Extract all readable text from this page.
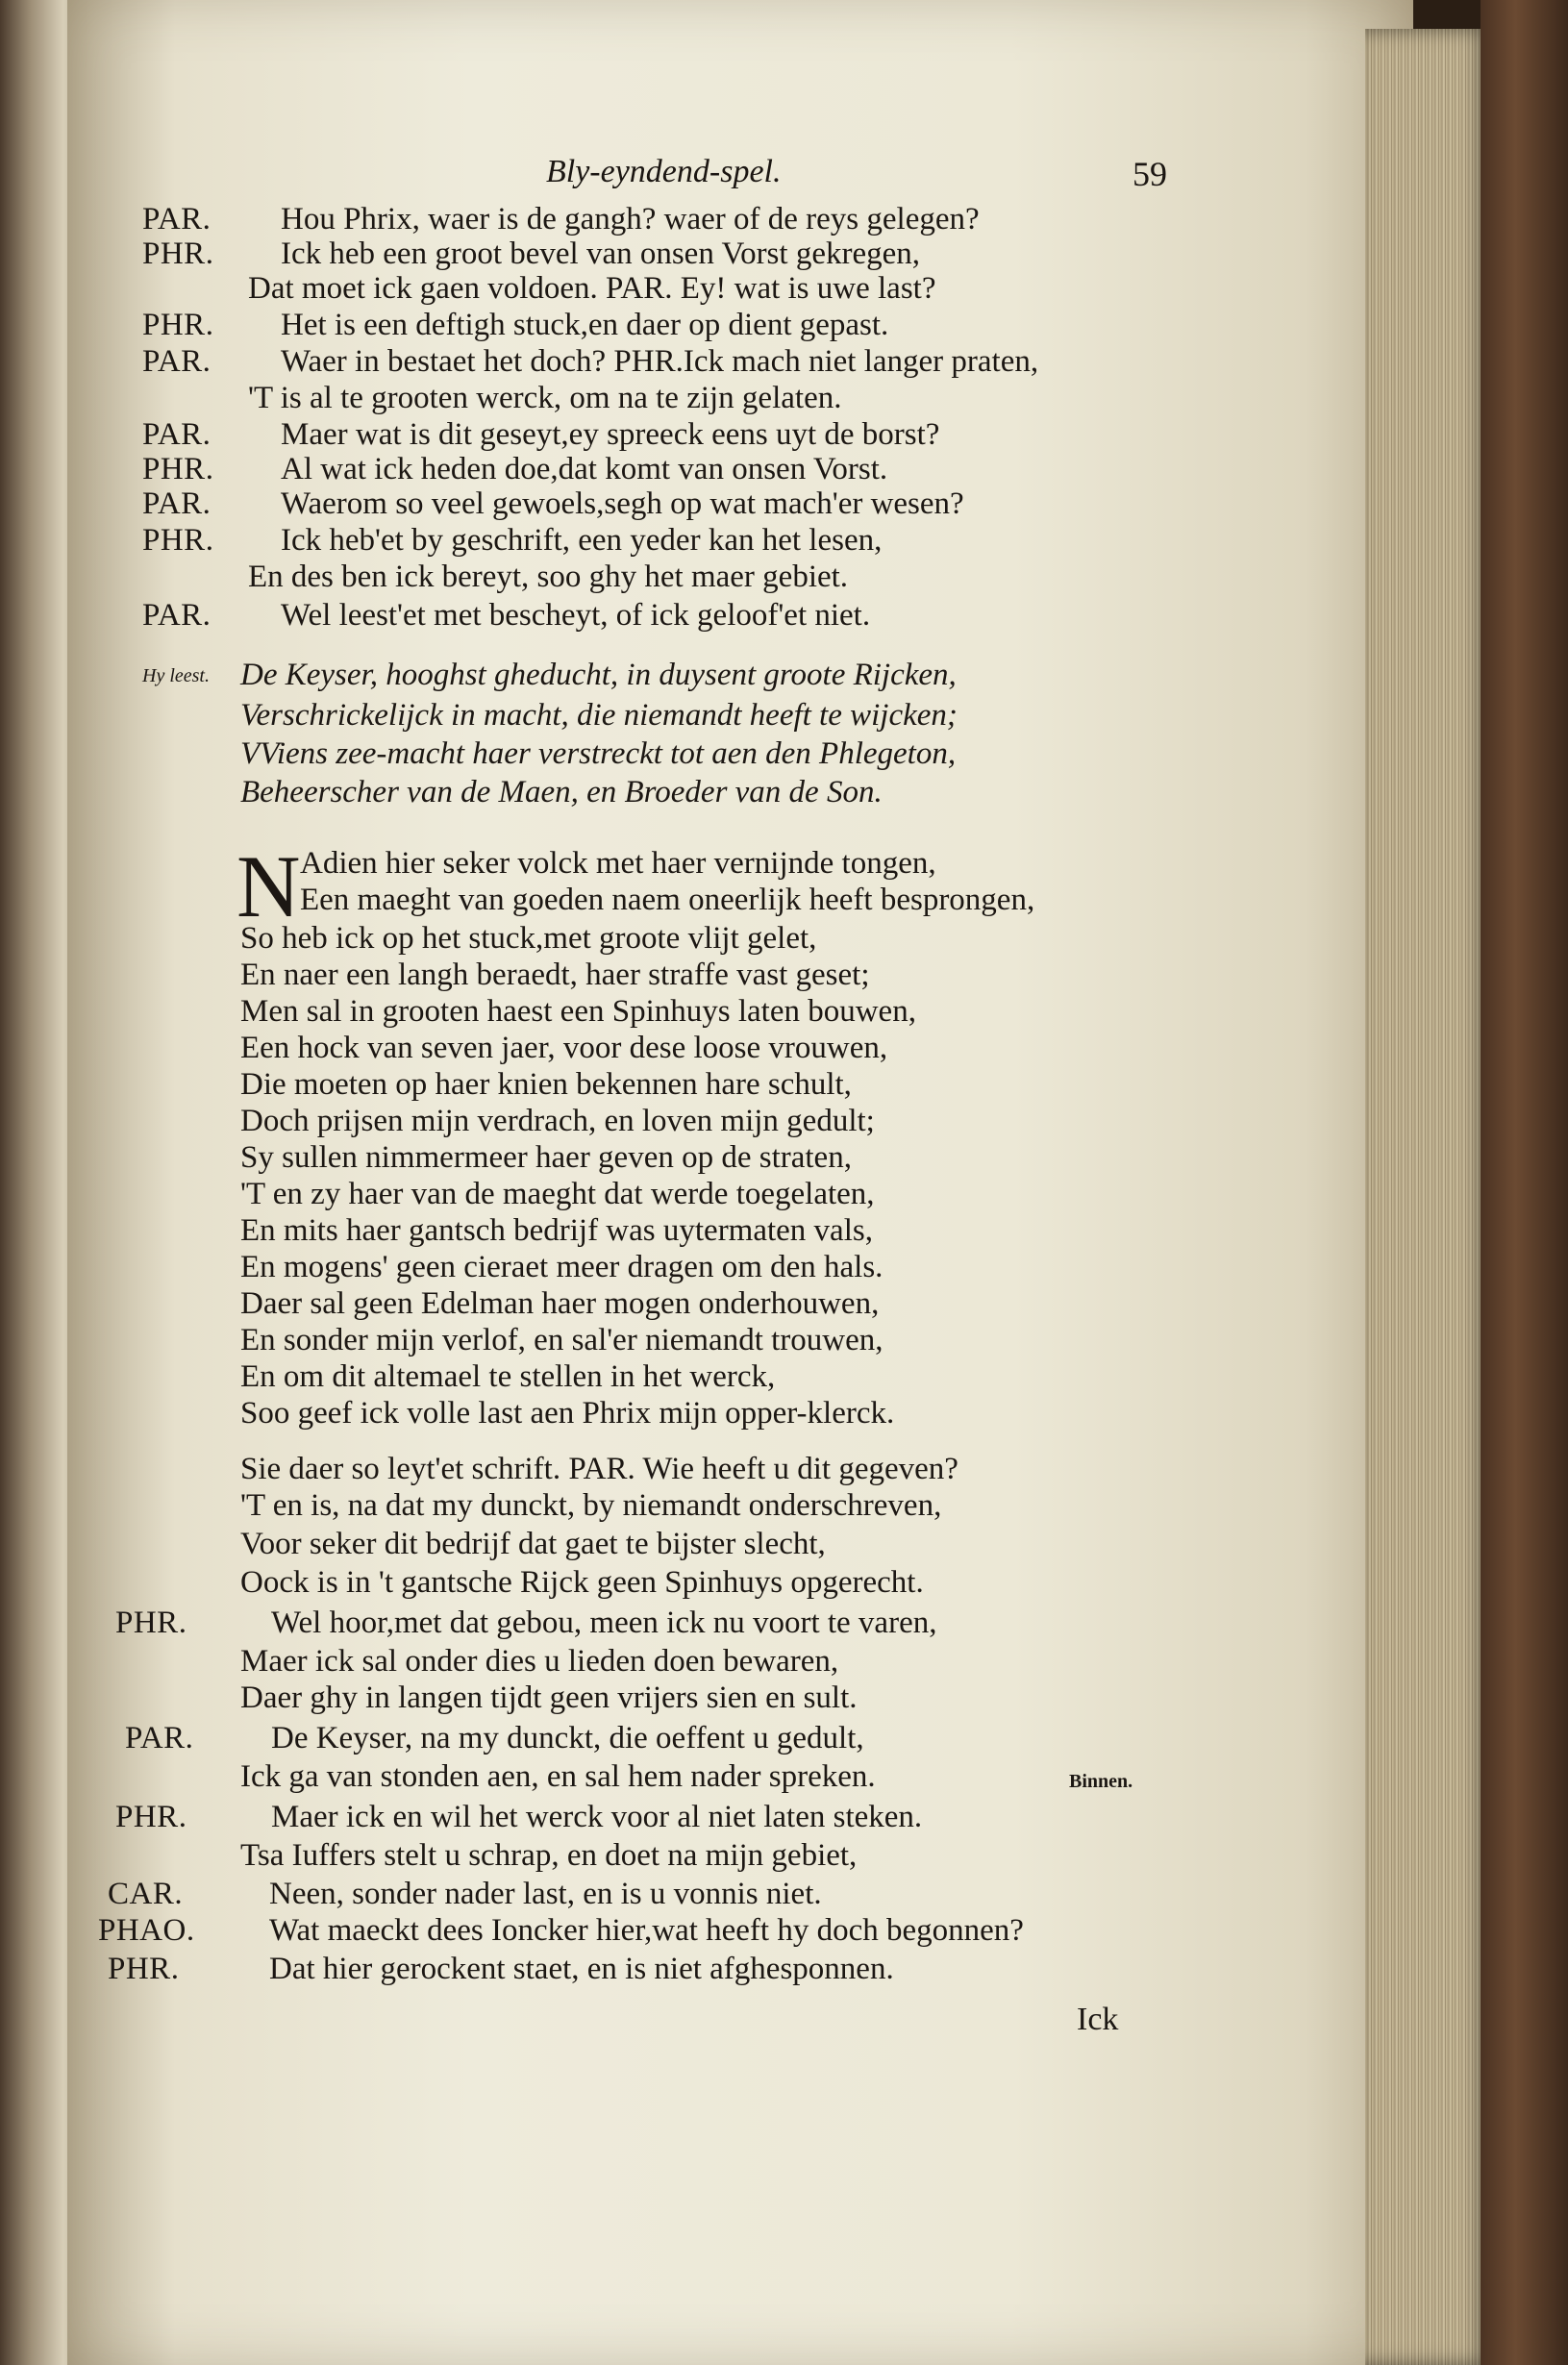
Bly-eyndend-spel.	59
PAR. Hou Phrix, waer is de gangh? waer of de reys gelegen?
PHR. Ick heb een groot bevel van onsen Vorst gekregen,
Dat moet ick gaen voldoen. PAR. Ey! wat is uwe last?
PHR. Het is een deftigh stuck,en daer op dient gepast.
PAR. Waer in bestaet het doch? PHR.Ick mach niet langer praten,
'T is al te grooten werck, om na te zijn gelaten.
PAR. Maer wat is dit geseyt,ey spreeck eens uyt de borst?
PHR. Al wat ick heden doe,dat komt van onsen Vorst.
PAR. Waerom so veel gewoels,segh op wat mach'er wesen?
PHR. Ick heb'et by geschrift, een yeder kan het lesen,
En des ben ick bereyt, soo ghy het maer gebiet.
PAR. Wel leest'et met bescheyt, of ick geloof'et niet.
Hy leest. De Keyser, hooghst gheducht, in duysent groote Rijcken,
Verschrickelijck in macht, die niemandt heeft te wijcken;
VViens zee-macht haer verstreckt tot aen den Phlegeton,
Beheerscher van de Maen, en Broeder van de Son.
N Adien hier seker volck met haer vernijnde tongen,
Een maeght van goeden naem oneerlijk heeft besprongen,
So heb ick op het stuck,met groote vlijt gelet,
En naer een langh beraedt, haer straffe vast geset;
Men sal in grooten haest een Spinhuys laten bouwen,
Een hock van seven jaer, voor dese loose vrouwen,
Die moeten op haer knien bekennen hare schult,
Doch prijsen mijn verdrach, en loven mijn gedult;
Sy sullen nimmermeer haer geven op de straten,
'T en zy haer van de maeght dat werde toegelaten,
En mits haer gantsch bedrijf was uytermaten vals,
En mogens' geen cieraet meer dragen om den hals.
Daer sal geen Edelman haer mogen onderhouwen,
En sonder mijn verlof, en sal'er niemandt trouwen,
En om dit altemael te stellen in het werck,
Soo geef ick volle last aen Phrix mijn opper-klerck.
Sie daer so leyt'et schrift. PAR. Wie heeft u dit gegeven?
'T en is, na dat my dunckt, by niemandt onderschreven,
Voor seker dit bedrijf dat gaet te bijster slecht,
Oock is in 't gantsche Rijck geen Spinhuys opgerecht.
PHR.	Wel hoor,met dat gebou, meen ick nu voort te varen,
Maer ick sal onder dies u lieden doen bewaren,
Daer ghy in langen tijdt geen vrijers sien en sult.
PAR. De Keyser, na my dunckt, die oeffent u gedult,
Ick ga van stonden aen, en sal hem nader spreken.	Binnen.
PHR.	Maer ick en wil het werck voor al niet laten steken.
Tsa Iuffers stelt u schrap, en doet na mijn gebiet,
CAR.	Neen, sonder nader last, en is u vonnis niet.
PHAO. Wat maeckt dees Ioncker hier,wat heeft hy doch begonnen?
PHR.	Dat hier gerockent staet, en is niet afghesponnen.
Ick
